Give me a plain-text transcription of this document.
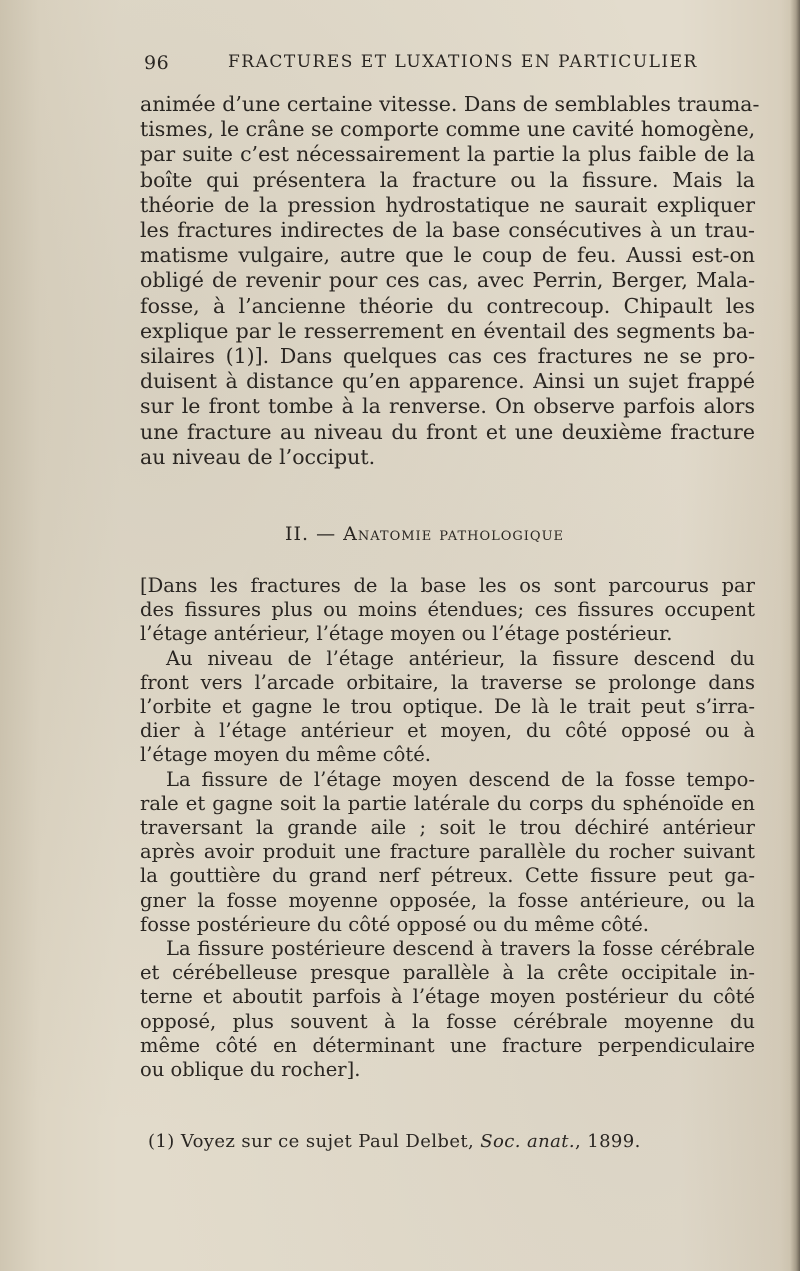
96	FRACTURES ET LUXATIONS EN PARTICULIER
animée d’une certaine vitesse. Dans de semblables trauma-
tismes, le crâne se comporte comme une cavité homogène,
par suite c’est nécessairement la partie la plus faible de la
boîte qui présentera la fracture ou la fissure. Mais la
théorie de la pression hydrostatique ne saurait expliquer
les fractures indirectes de la base consécutives à un trau-
matisme vulgaire, autre que le coup de feu. Aussi est-on
obligé de revenir pour ces cas, avec Perrin, Berger, Mala-
fosse, à l’ancienne théorie du contrecoup. Chipault les
explique par le resserrement en éventail des segments ba-
silaires (1)]. Dans quelques cas ces fractures ne se pro-
duisent à distance qu’en apparence. Ainsi un sujet frappé
sur le front tombe à la renverse. On observe parfois alors
une fracture au niveau du front et une deuxième fracture
au niveau de l’occiput.
II. — Anatomie pathologique
[Dans les fractures de la base les os sont parcourus par
des fissures plus ou moins étendues; ces fissures occupent
l’étage antérieur, l’étage moyen ou l’étage postérieur.
Au niveau de l’étage antérieur, la fissure descend du
front vers l’arcade orbitaire, la traverse se prolonge dans
l’orbite et gagne le trou optique. De là le trait peut s’irra-
dier à l’étage antérieur et moyen, du côté opposé ou à
l’étage moyen du même côté.
La fissure de l’étage moyen descend de la fosse tempo-
rale et gagne soit la partie latérale du corps du sphénoïde en
traversant la grande aile ; soit le trou déchiré antérieur
après avoir produit une fracture parallèle du rocher suivant
la gouttière du grand nerf pétreux. Cette fissure peut ga-
gner la fosse moyenne opposée, la fosse antérieure, ou la
fosse postérieure du côté opposé ou du même côté.
La fissure postérieure descend à travers la fosse cérébrale
et cérébelleuse presque parallèle à la crête occipitale in-
terne et aboutit parfois à l’étage moyen postérieur du côté
opposé, plus souvent à la fosse cérébrale moyenne du
même côté en déterminant une fracture perpendiculaire
ou oblique du rocher].
(1) Voyez sur ce sujet Paul Delbet, Soc. anat., 1899.
